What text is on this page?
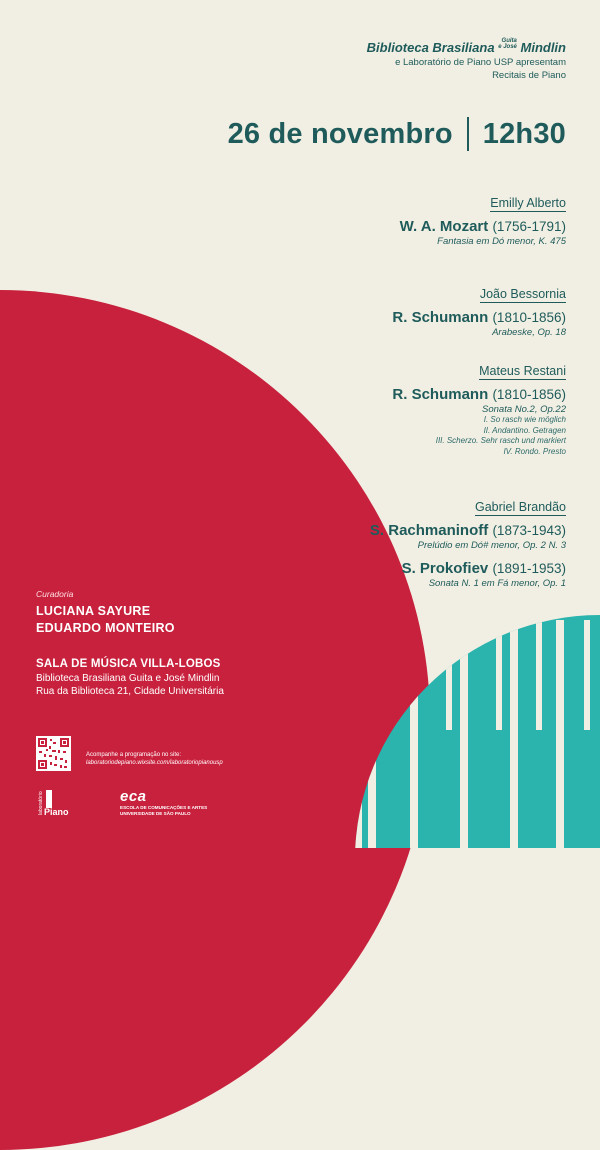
Biblioteca Brasiliana Guita
e José Mindlin
e Laboratório de Piano USP apresentam
Recitais de Piano
26 de novembro 12h30
Emilly Alberto
W. A. Mozart (1756-1791)
Fantasia em Dó menor, K. 475
João Bessornia
R. Schumann (1810-1856)
Arabeske, Op. 18
Mateus Restani
R. Schumann (1810-1856)
Sonata No.2, Op.22
I. So rasch wie möglich
II. Andantino. Getragen
III. Scherzo. Sehr rasch und markiert
IV. Rondo. Presto
Gabriel Brandão
S. Rachmaninoff (1873-1943)
Prelúdio em Dó# menor, Op. 2 N. 3
S. Prokofiev (1891-1953)
Sonata N. 1 em Fá menor, Op. 1
Curadoria
LUCIANA SAYURE
EDUARDO MONTEIRO
SALA DE MÚSICA VILLA-LOBOS
Biblioteca Brasiliana Guita e José Mindlin
Rua da Biblioteca 21, Cidade Universitária
Acompanhe a programação no site:
laboratoriodepiano.wixsite.com/laboratoriopianousp
laboratório Piano
eca
ESCOLA DE COMUNICAÇÕES E ARTES
UNIVERSIDADE DE SÃO PAULO
